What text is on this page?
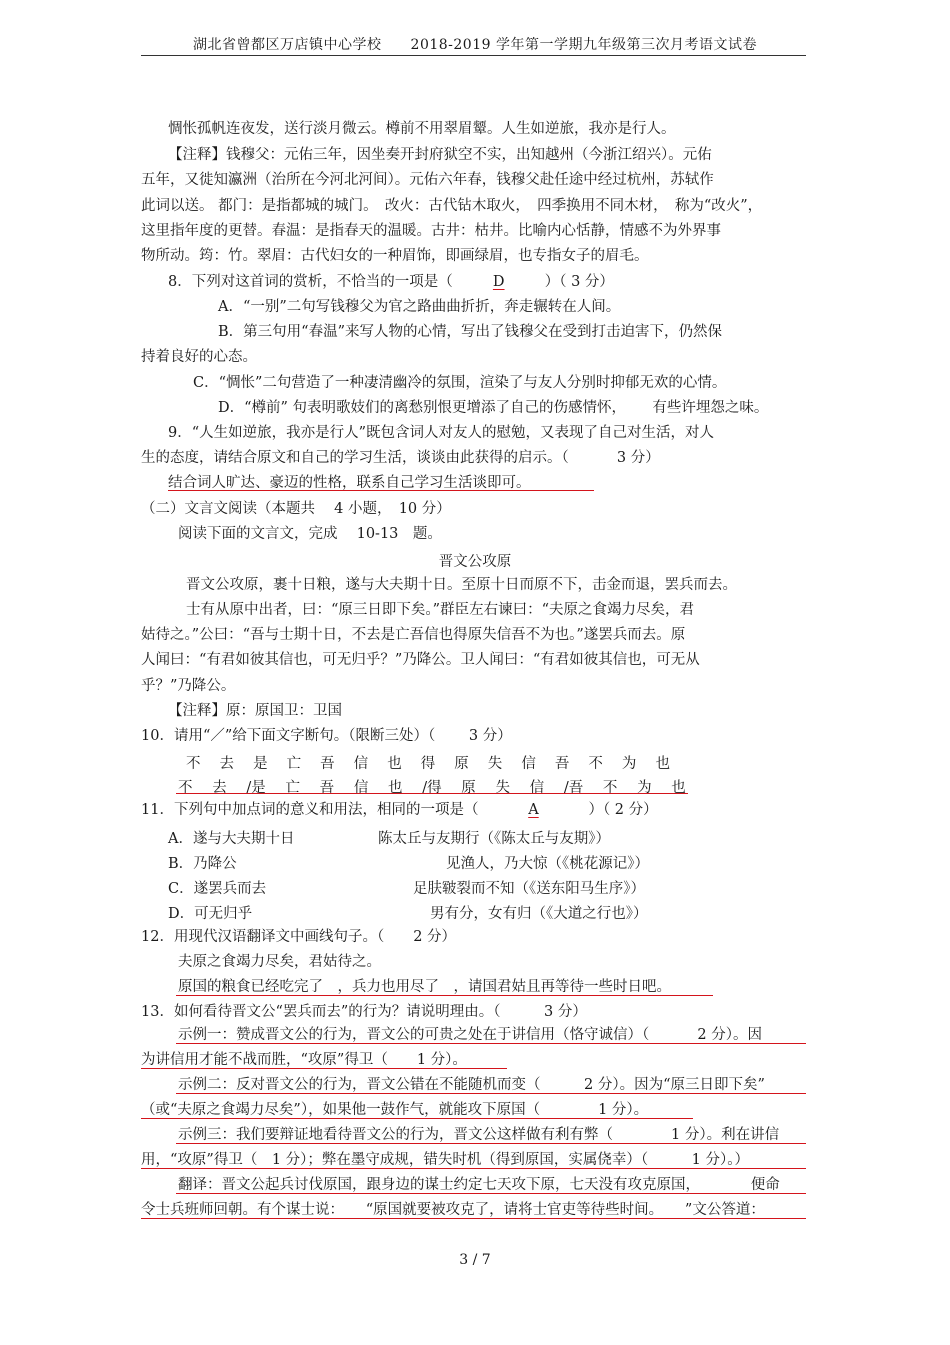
湖北省曾都区万店镇中心学校　　2018-2019 学年第一学期九年级第三次月考语文试卷
惆怅孤帆连夜发，送行淡月微云。樽前不用翠眉颦。人生如逆旅，我亦是行人。
【注释】钱穆父：元佑三年，因坐奏开封府狱空不实，出知越州（今浙江绍兴）。元佑
五年，又徙知瀛洲（治所在今河北河间）。元佑六年春，钱穆父赴任途中经过杭州，苏轼作
此词以送。 都门：是指都城的城门。　改火：古代钻木取火，　四季换用不同木材，　称为“改火”，
这里指年度的更替。春温：是指春天的温暖。古井：枯井。比喻内心恬静，情感不为外界事
物所动。筠：竹。翠眉：古代妇女的一种眉饰，即画绿眉，也专指女子的眉毛。
8．下列对这首词的赏析，不恰当的一项是（	D	）（ 3 分）
A．“一别”二句写钱穆父为官之路曲曲折折，奔走辗转在人间。
B．第三句用“春温”来写人物的心情，写出了钱穆父在受到打击迫害下，仍然保
持着良好的心态。
C．“惆怅”二句营造了一种凄清幽冷的氛围，渲染了与友人分别时抑郁无欢的心情。
D．“樽前” 句表明歌妓们的离愁别恨更增添了自己的伤感情怀，　　 有些许埋怨之味。
9．“人生如逆旅，我亦是行人”既包含词人对友人的慰勉，又表现了自己对生活，对人
生的态度，请结合原文和自己的学习生活，谈谈由此获得的启示。（　　　 3 分）
结合词人旷达、豪迈的性格，联系自己学习生活谈即可。
（二）文言文阅读（本题共　 4 小题，　10 分）
阅读下面的文言文，完成　 10-13　题。
晋文公攻原
晋文公攻原，裹十日粮，遂与大夫期十日。至原十日而原不下，击金而退，罢兵而去。
士有从原中出者，曰：“原三日即下矣。”群臣左右谏曰：“夫原之食竭力尽矣，君
姑待之。”公曰：“吾与士期十日，不去是亡吾信也得原失信吾不为也。”遂罢兵而去。原
人闻曰：“有君如彼其信也，可无归乎？”乃降公。卫人闻曰：“有君如彼其信也，可无从
乎？”乃降公。
【注释】原：原国卫：卫国
10．请用“／”给下面文字断句。（限断三处）（　　 3 分）
不 去 是 亡 吾 信 也 得 原 失 信 吾 不 为 也
不 去 /是 亡 吾 信 也 /得 原 失 信 /吾 不 为 也
11．下列句中加点词的意义和用法，相同的一项是（	A	）（ 2 分）
A．遂与大夫期十日	陈太丘与友期行（《陈太丘与友期》）
B．乃降公	见渔人，乃大惊（《桃花源记》）
C．遂罢兵而去	足肤皲裂而不知（《送东阳马生序》）
D．可无归乎	男有分，女有归（《大道之行也》）
12．用现代汉语翻译文中画线句子。（　　2 分）
夫原之食竭力尽矣，君姑待之。
原国的粮食已经吃完了　，兵力也用尽了　，请国君姑且再等待一些时日吧。
13．如何看待晋文公“罢兵而去”的行为？请说明理由。（　　　3 分）
示例一：赞成晋文公的行为，晋文公的可贵之处在于讲信用（恪守诚信）（　　　 2 分）。因
为讲信用才能不战而胜，“攻原”得卫（　　1 分）。
示例二：反对晋文公的行为，晋文公错在不能随机而变（　　　2 分）。因为“原三日即下矣”
（或“夫原之食竭力尽矣”），如果他一鼓作气，就能攻下原国（　　　　1 分）。
示例三：我们要辩证地看待晋文公的行为，晋文公这样做有利有弊（　　　　1 分）。利在讲信
用，“攻原”得卫（　1 分）；弊在墨守成规，错失时机（得到原国，实属侥幸）（　　　1 分）。）
翻译：晋文公起兵讨伐原国，跟身边的谋士约定七天攻下原，七天没有攻克原国，　　　　便命
令士兵班师回朝。有个谋士说：　　“原国就要被攻克了，请将士官吏等待些时间。　　”文公答道：
3 / 7
